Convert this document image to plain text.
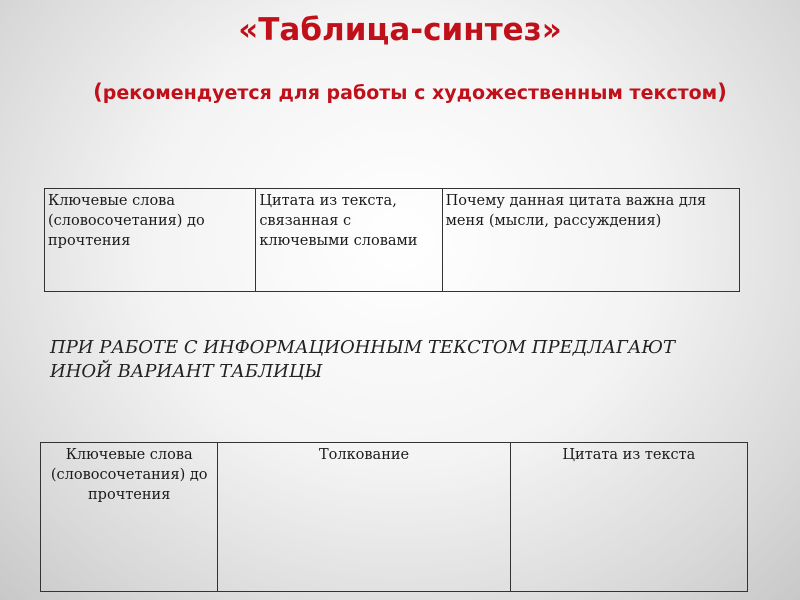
«Таблица-синтез»
(рекомендуется для работы с художественным текстом)
Ключевые слова (словосочетания) до прочтения	Цитата из текста, связанная с ключевыми словами	Почему данная цитата важна для меня (мысли, рассуждения)
ПРИ РАБОТЕ С ИНФОРМАЦИОННЫМ ТЕКСТОМ ПРЕДЛАГАЮТ ИНОЙ ВАРИАНТ ТАБЛИЦЫ
Ключевые слова (словосочетания) до прочтения	Толкование	Цитата из текста
